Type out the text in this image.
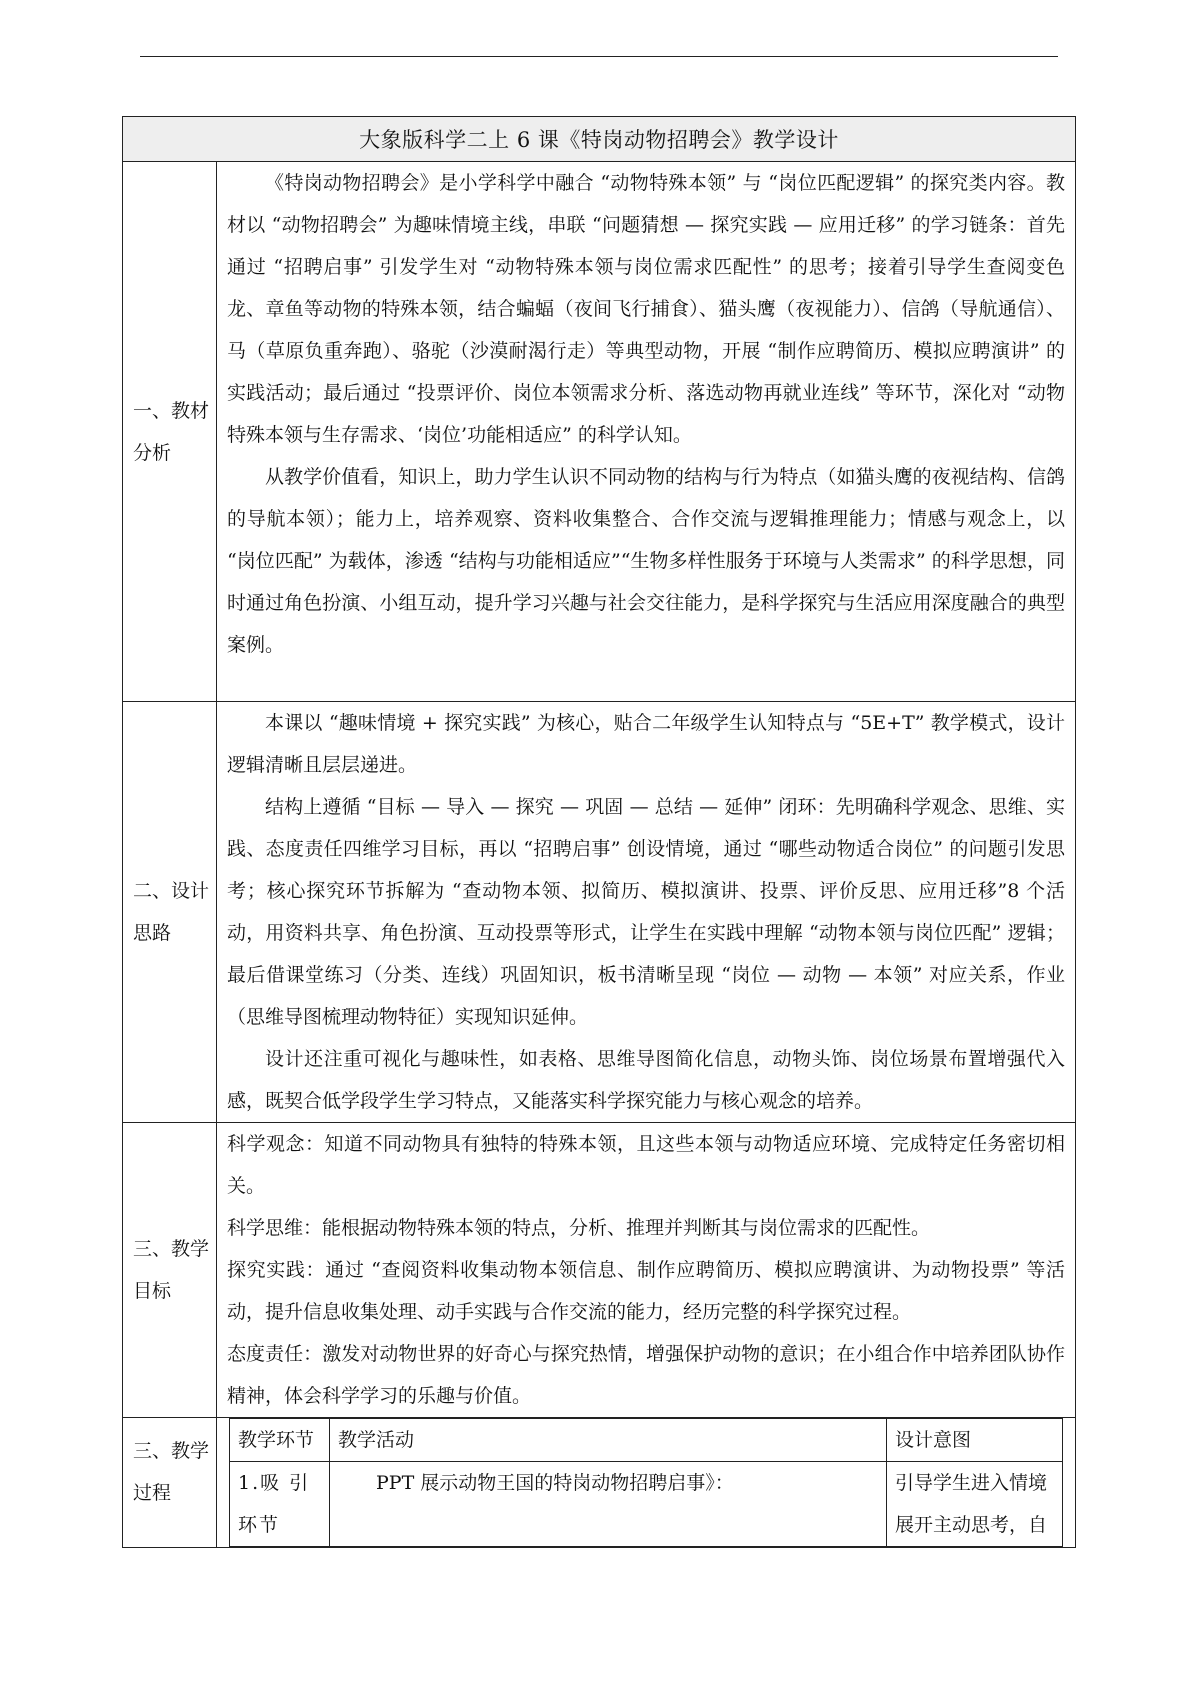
大象版科学二上 6 课《特岗动物招聘会》教学设计
一、教材分析	

《特岗动物招聘会》是小学科学中融合 “动物特殊本领” 与 “岗位匹配逻辑” 的探究类内容。教材以 “动物招聘会” 为趣味情境主线，串联 “问题猜想 — 探究实践 — 应用迁移” 的学习链条：首先通过 “招聘启事” 引发学生对 “动物特殊本领与岗位需求匹配性” 的思考；接着引导学生查阅变色龙、章鱼等动物的特殊本领，结合蝙蝠（夜间飞行捕食）、猫头鹰（夜视能力）、信鸽（导航通信）、马（草原负重奔跑）、骆驼（沙漠耐渴行走）等典型动物，开展 “制作应聘简历、模拟应聘演讲” 的实践活动；最后通过 “投票评价、岗位本领需求分析、落选动物再就业连线” 等环节，深化对 “动物特殊本领与生存需求、‘岗位’功能相适应” 的科学认知。

从教学价值看，知识上，助力学生认识不同动物的结构与行为特点（如猫头鹰的夜视结构、信鸽的导航本领）；能力上，培养观察、资料收集整合、合作交流与逻辑推理能力；情感与观念上，以 “岗位匹配” 为载体，渗透 “结构与功能相适应”“生物多样性服务于环境与人类需求” 的科学思想，同时通过角色扮演、小组互动，提升学习兴趣与社会交往能力，是科学探究与生活应用深度融合的典型案例。

二、设计思路	

本课以 “趣味情境 + 探究实践” 为核心，贴合二年级学生认知特点与 “5E+T” 教学模式，设计逻辑清晰且层层递进。

结构上遵循 “目标 — 导入 — 探究 — 巩固 — 总结 — 延伸” 闭环：先明确科学观念、思维、实践、态度责任四维学习目标，再以 “招聘启事” 创设情境，通过 “哪些动物适合岗位” 的问题引发思考；核心探究环节拆解为 “查动物本领、拟简历、模拟演讲、投票、评价反思、应用迁移”8 个活动，用资料共享、角色扮演、互动投票等形式，让学生在实践中理解 “动物本领与岗位匹配” 逻辑；最后借课堂练习（分类、连线）巩固知识，板书清晰呈现 “岗位 — 动物 — 本领” 对应关系，作业（思维导图梳理动物特征）实现知识延伸。

设计还注重可视化与趣味性，如表格、思维导图简化信息，动物头饰、岗位场景布置增强代入感，既契合低学段学生学习特点，又能落实科学探究能力与核心观念的培养。

三、教学目标	

科学观念：知道不同动物具有独特的特殊本领，且这些本领与动物适应环境、完成特定任务密切相关。

科学思维：能根据动物特殊本领的特点，分析、推理并判断其与岗位需求的匹配性。

探究实践：通过 “查阅资料收集动物本领信息、制作应聘简历、模拟应聘演讲、为动物投票” 等活动，提升信息收集处理、动手实践与合作交流的能力，经历完整的科学探究过程。

态度责任：激发对动物世界的好奇心与探究热情，增强保护动物的意识；在小组合作中培养团队协作精神，体会科学学习的乐趣与价值。

三、教学过程	
教学环节	教学活动	设计意图
1.吸 引 环节	PPT 展示动物王国的特岗动物招聘启事》：	引导学生进入情境展开主动思考，自
